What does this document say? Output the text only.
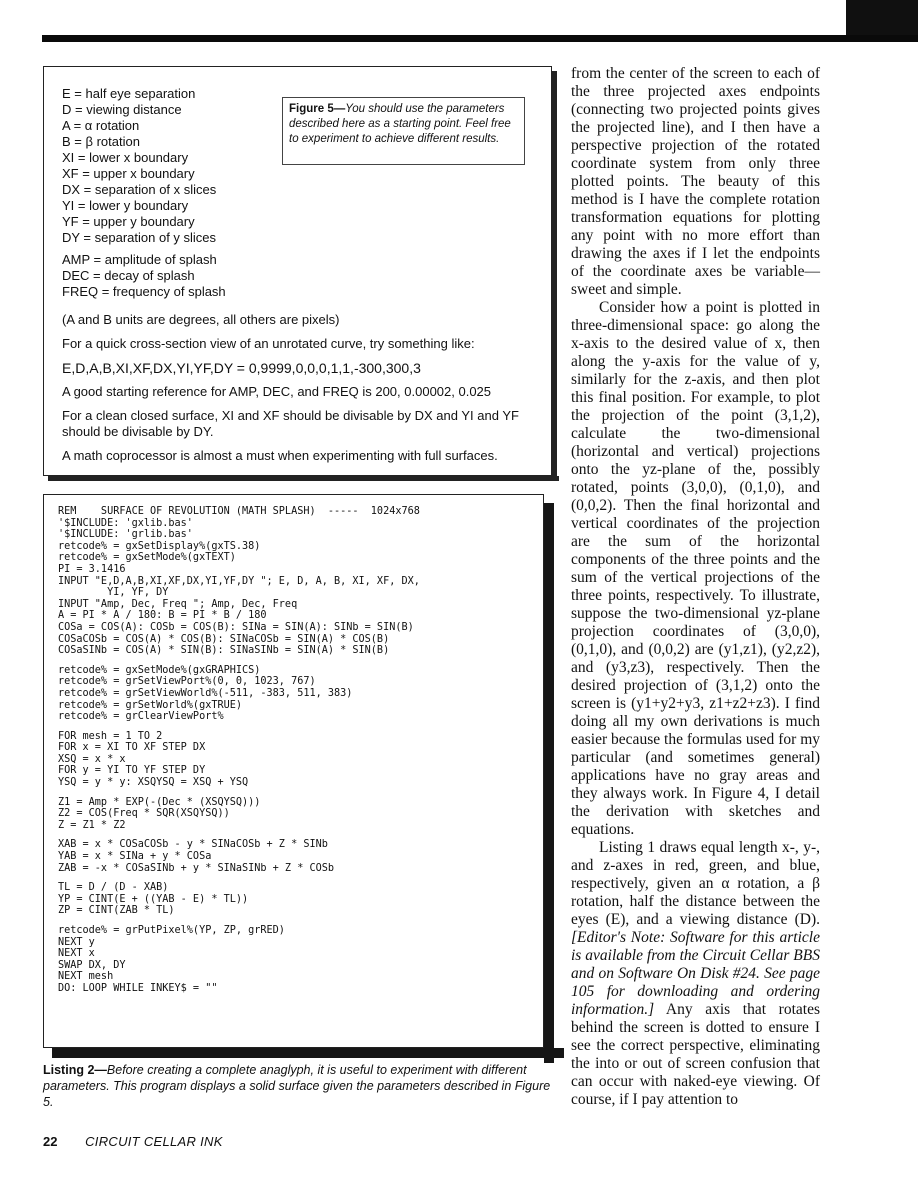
E = half eye separation
D = viewing distance
A = α rotation
B = β rotation
XI = lower x boundary
XF = upper x boundary
DX = separation of x slices
YI = lower y boundary
YF = upper y boundary
DY = separation of y slices
AMP = amplitude of splash
DEC = decay of splash
FREQ = frequency of splash
Figure 5—You should use the parameters described here as a starting point. Feel free to experiment to achieve different results.

(A and B units are degrees, all others are pixels)

For a quick cross-section view of an unrotated curve, try something like:

E,D,A,B,XI,XF,DX,YI,YF,DY = 0,9999,0,0,0,1,1,-300,300,3

A good starting reference for AMP, DEC, and FREQ is 200, 0.00002, 0.025

For a clean closed surface, XI and XF should be divisable by DX and YI and YF should be divisable by DY.

A math coprocessor is almost a must when experimenting with full surfaces.

REM    SURFACE OF REVOLUTION (MATH SPLASH)  -----  1024x768
'$INCLUDE: 'gxlib.bas'
'$INCLUDE: 'grlib.bas'
retcode% = gxSetDisplay%(gxTS.38)
retcode% = gxSetMode%(gxTEXT)
PI = 3.1416
INPUT "E,D,A,B,XI,XF,DX,YI,YF,DY "; E, D, A, B, XI, XF, DX,
YI, YF, DY
INPUT "Amp, Dec, Freq "; Amp, Dec, Freq
A = PI * A / 180: B = PI * B / 180
COSa = COS(A): COSb = COS(B): SINa = SIN(A): SINb = SIN(B)
COSaCOSb = COS(A) * COS(B): SINaCOSb = SIN(A) * COS(B)
COSaSINb = COS(A) * SIN(B): SINaSINb = SIN(A) * SIN(B)
retcode% = gxSetMode%(gxGRAPHICS)
retcode% = grSetViewPort%(0, 0, 1023, 767)
retcode% = grSetViewWorld%(-511, -383, 511, 383)
retcode% = grSetWorld%(gxTRUE)
retcode% = grClearViewPort%
FOR mesh = 1 TO 2
FOR x = XI TO XF STEP DX
XSQ = x * x
FOR y = YI TO YF STEP DY
YSQ = y * y: XSQYSQ = XSQ + YSQ
Z1 = Amp * EXP(-(Dec * (XSQYSQ)))
Z2 = COS(Freq * SQR(XSQYSQ))
Z = Z1 * Z2
XAB = x * COSaCOSb - y * SINaCOSb + Z * SINb
YAB = x * SINa + y * COSa
ZAB = -x * COSaSINb + y * SINaSINb + Z * COSb
TL = D / (D - XAB)
YP = CINT(E + ((YAB - E) * TL))
ZP = CINT(ZAB * TL)
retcode% = grPutPixel%(YP, ZP, grRED)
NEXT y
NEXT x
SWAP DX, DY
NEXT mesh
DO: LOOP WHILE INKEY$ = ""
Listing 2—Before creating a complete anaglyph, it is useful to experiment with different parameters. This program displays a solid surface given the parameters described in Figure 5.

from the center of the screen to each of the three projected axes endpoints (connecting two projected points gives the projected line), and I then have a perspective projection of the rotated coordinate system from only three plotted points. The beauty of this method is I have the complete rotation transformation equations for plotting any point with no more effort than drawing the axes if I let the endpoints of the coordinate axes be variable—sweet and simple.

Consider how a point is plotted in three-dimensional space: go along the x-axis to the desired value of x, then along the y-axis for the value of y, similarly for the z-axis, and then plot this final position. For example, to plot the projection of the point (3,1,2), calculate the two-dimensional (horizontal and vertical) projections onto the yz-plane of the, possibly rotated, points (3,0,0), (0,1,0), and (0,0,2). Then the final horizontal and vertical coordinates of the projection are the sum of the horizontal components of the three points and the sum of the vertical projections of the three points, respectively. To illustrate, suppose the two-dimensional yz-plane projection coordinates of (3,0,0), (0,1,0), and (0,0,2) are (y1,z1), (y2,z2), and (y3,z3), respectively. Then the desired projection of (3,1,2) onto the screen is (y1+y2+y3, z1+z2+z3). I find doing all my own derivations is much easier because the formulas used for my particular (and sometimes general) applications have no gray areas and they always work. In Figure 4, I detail the derivation with sketches and equations.

Listing 1 draws equal length x-, y-, and z-axes in red, green, and blue, respectively, given an α rotation, a β rotation, half the distance between the eyes (E), and a viewing distance (D). [Editor's Note: Software for this article is available from the Circuit Cellar BBS and on Software On Disk #24. See page 105 for downloading and ordering information.] Any axis that rotates behind the screen is dotted to ensure I see the correct perspective, eliminating the into or out of screen confusion that can occur with naked-eye viewing. Of course, if I pay attention to

22 CIRCUIT CELLAR INK
